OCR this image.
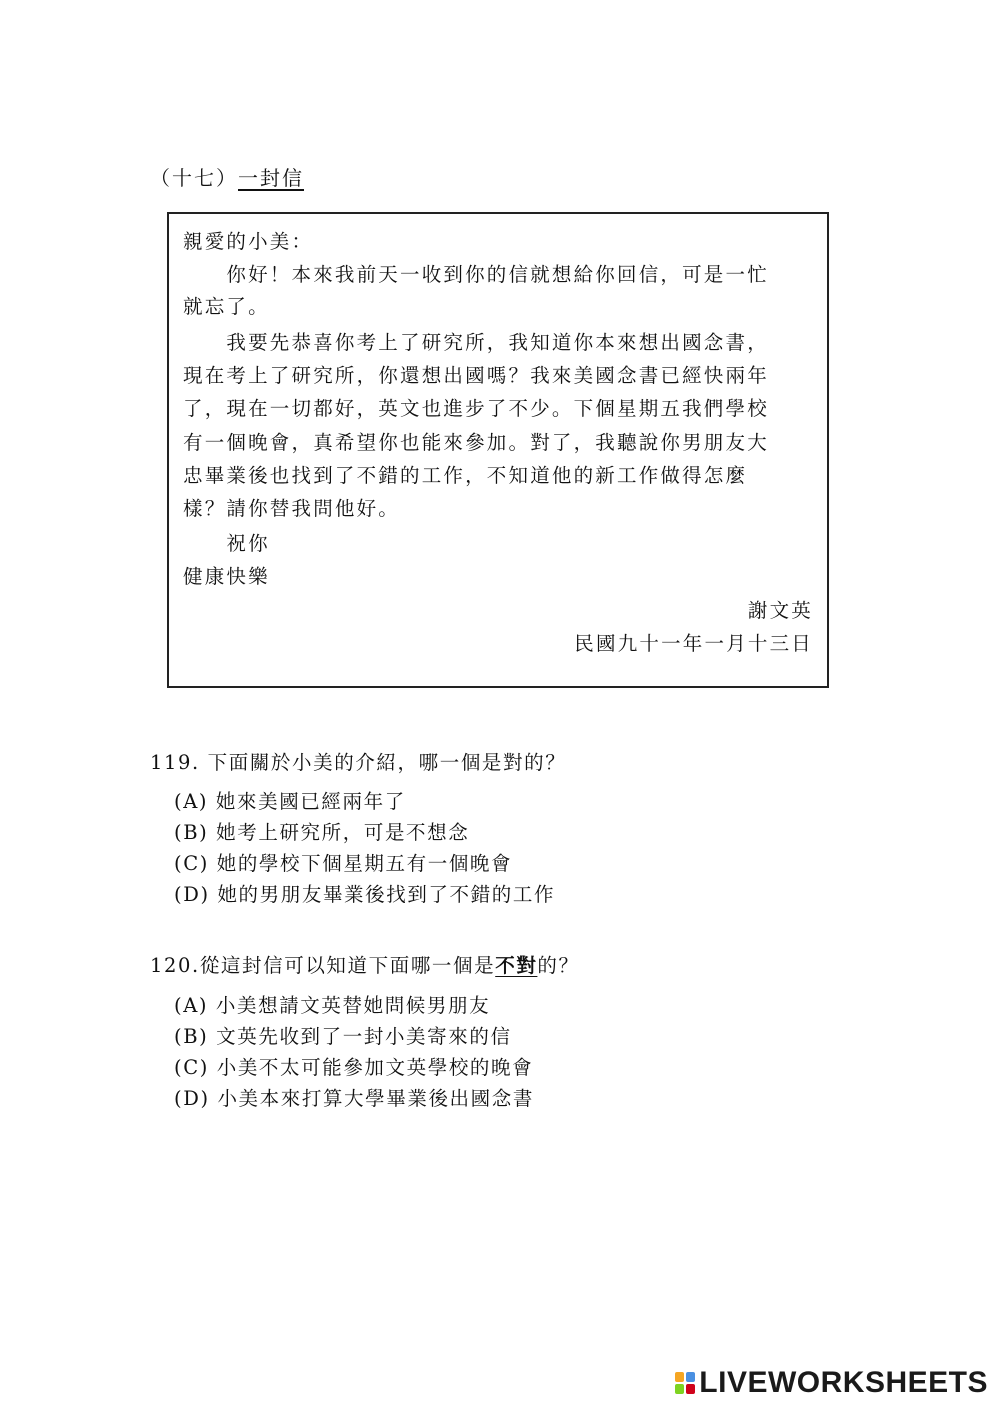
（十七）一封信
親愛的小美：
　　你好！本來我前天一收到你的信就想給你回信，可是一忙
就忘了。
　　我要先恭喜你考上了研究所，我知道你本來想出國念書，
現在考上了研究所，你還想出國嗎？我來美國念書已經快兩年
了，現在一切都好，英文也進步了不少。下個星期五我們學校
有一個晚會，真希望你也能來參加。對了，我聽說你男朋友大
忠畢業後也找到了不錯的工作，不知道他的新工作做得怎麼
樣？請你替我問他好。
　　祝你
健康快樂
謝文英
民國九十一年一月十三日
119. 下面關於小美的介紹，哪一個是對的？
(A) 她來美國已經兩年了
(B) 她考上研究所，可是不想念
(C) 她的學校下個星期五有一個晚會
(D) 她的男朋友畢業後找到了不錯的工作
120.從這封信可以知道下面哪一個是不對的？
(A) 小美想請文英替她問候男朋友
(B) 文英先收到了一封小美寄來的信
(C) 小美不太可能參加文英學校的晚會
(D) 小美本來打算大學畢業後出國念書
LIVEWORKSHEETS
